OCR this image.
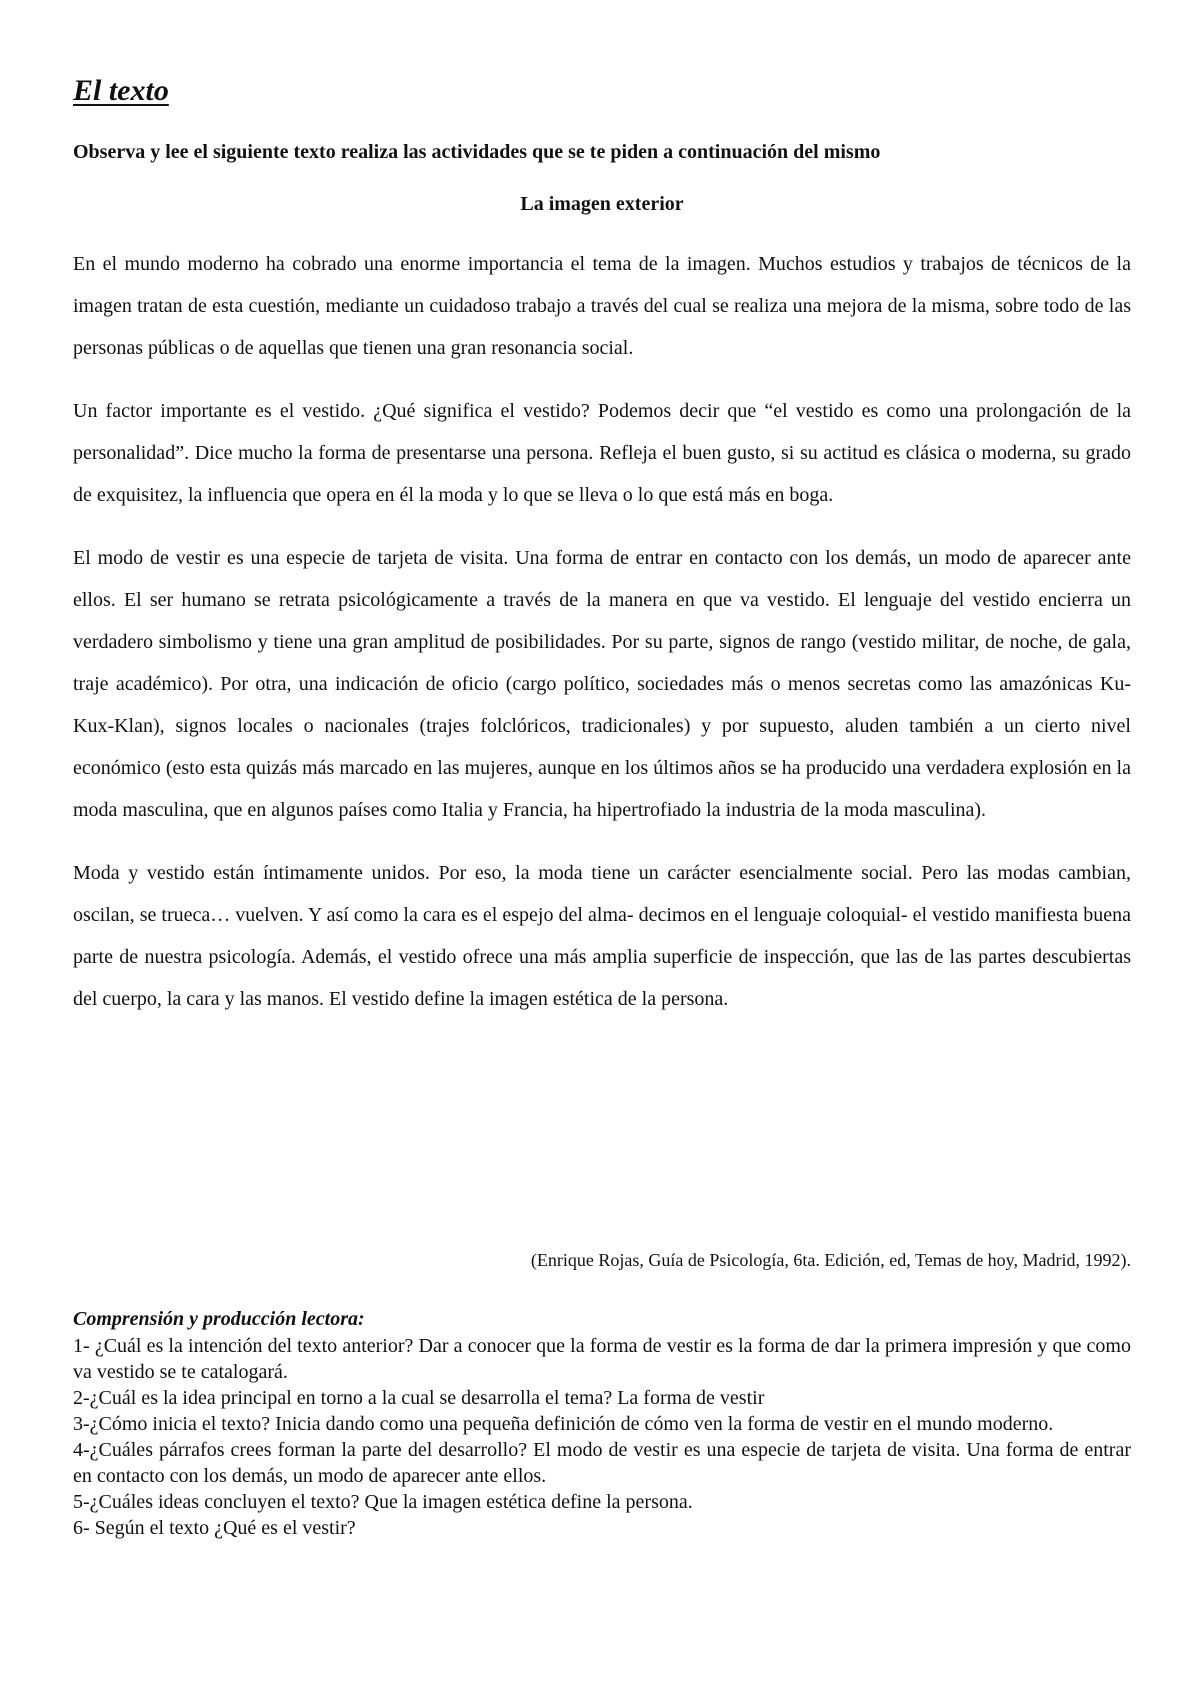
El texto

Observa y lee el siguiente texto realiza las actividades que se te piden a continuación del mismo

La imagen exterior

En el mundo moderno ha cobrado una enorme importancia el tema de la imagen. Muchos estudios y trabajos de técnicos de la imagen tratan de esta cuestión, mediante un cuidadoso trabajo a través del cual se realiza una mejora de la misma, sobre todo de las personas públicas o de aquellas que tienen una gran resonancia social.

Un factor importante es el vestido. ¿Qué significa el vestido? Podemos decir que “el vestido es como una prolongación de la personalidad”. Dice mucho la forma de presentarse una persona. Refleja el buen gusto, si su actitud es clásica o moderna, su grado de exquisitez, la influencia que opera en él la moda y lo que se lleva o lo que está más en boga.

El modo de vestir es una especie de tarjeta de visita. Una forma de entrar en contacto con los demás, un modo de aparecer ante ellos. El ser humano se retrata psicológicamente a través de la manera en que va vestido. El lenguaje del vestido encierra un verdadero simbolismo y tiene una gran amplitud de posibilidades. Por su parte, signos de rango (vestido militar, de noche, de gala, traje académico). Por otra, una indicación de oficio (cargo político, sociedades más o menos secretas como las amazónicas Ku- Kux-Klan), signos locales o nacionales (trajes folclóricos, tradicionales) y por supuesto, aluden también a un cierto nivel económico (esto esta quizás más marcado en las mujeres, aunque en los últimos años se ha producido una verdadera explosión en la moda masculina, que en algunos países como Italia y Francia, ha hipertrofiado la industria de la moda masculina).

Moda y vestido están íntimamente unidos. Por eso, la moda tiene un carácter esencialmente social. Pero las modas cambian, oscilan, se trueca… vuelven. Y así como la cara es el espejo del alma- decimos en el lenguaje coloquial- el vestido manifiesta buena parte de nuestra psicología. Además, el vestido ofrece una más amplia superficie de inspección, que las de las partes descubiertas del cuerpo, la cara y las manos. El vestido define la imagen estética de la persona.

(Enrique Rojas, Guía de Psicología, 6ta. Edición, ed, Temas de hoy, Madrid, 1992).

Comprensión y producción lectora:

1- ¿Cuál es la intención del texto anterior? Dar a conocer que la forma de vestir es la forma de dar la primera impresión y que como va vestido se te catalogará.

2-¿Cuál es la idea principal en torno a la cual se desarrolla el tema? La forma de vestir

3-¿Cómo inicia el texto? Inicia dando como una pequeña definición de cómo ven la forma de vestir en el mundo moderno.

4-¿Cuáles párrafos crees forman la parte del desarrollo? El modo de vestir es una especie de tarjeta de visita. Una forma de entrar en contacto con los demás, un modo de aparecer ante ellos.

5-¿Cuáles ideas concluyen el texto? Que la imagen estética define la persona.

6- Según el texto ¿Qué es el vestir?
